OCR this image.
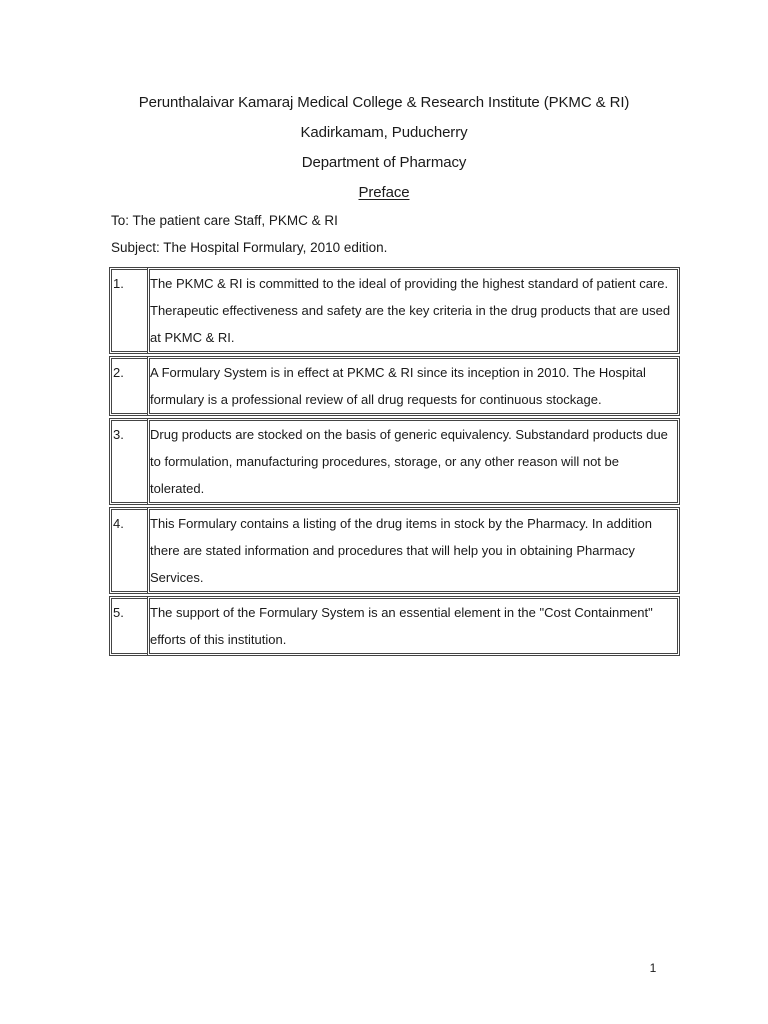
Perunthalaivar Kamaraj Medical College & Research Institute (PKMC & RI)
Kadirkamam, Puducherry
Department of Pharmacy
Preface
To: The patient care Staff, PKMC & RI
Subject: The Hospital Formulary, 2010 edition.
1.	The PKMC & RI is committed to the ideal of providing the highest standard of patient care. Therapeutic effectiveness and safety are the key criteria in the drug products that are used at PKMC & RI.
2.	A Formulary System is in effect at PKMC & RI since its inception in 2010. The Hospital formulary is a professional review of all drug requests for continuous stockage.
3.	Drug products are stocked on the basis of generic equivalency. Substandard products due to formulation, manufacturing procedures, storage, or any other reason will not be tolerated.
4.	This Formulary contains a listing of the drug items in stock by the Pharmacy. In addition there are stated information and procedures that will help you in obtaining Pharmacy Services.
5.	The support of the Formulary System is an essential element in the "Cost Containment" efforts of this institution.
1
